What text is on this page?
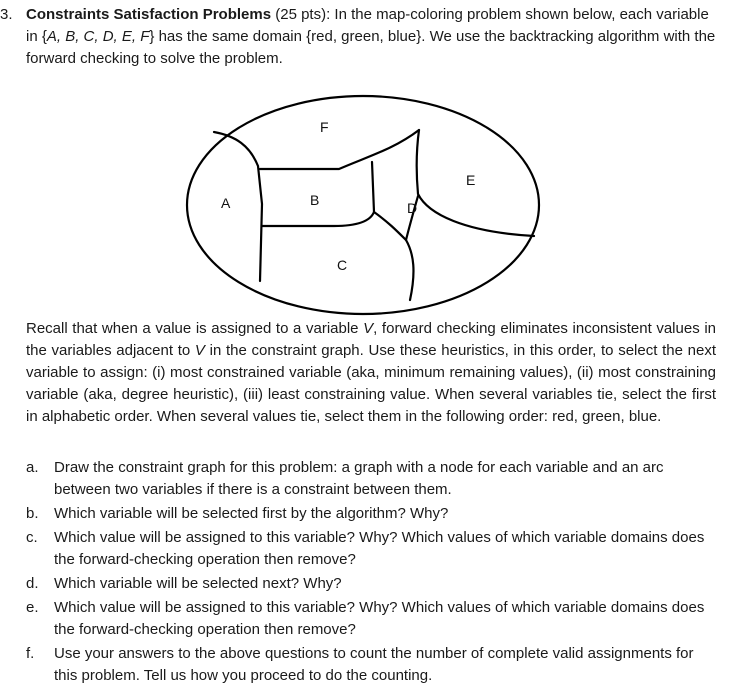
3. Constraints Satisfaction Problems (25 pts): In the map-coloring problem shown below, each variable in {A, B, C, D, E, F} has the same domain {red, green, blue}. We use the backtracking algorithm with the forward checking to solve the problem.
F
A	B
C
D
E
Recall that when a value is assigned to a variable V, forward checking eliminates inconsistent values in the variables adjacent to V in the constraint graph. Use these heuristics, in this order, to select the next variable to assign: (i) most constrained variable (aka, minimum remaining values), (ii) most constraining variable (aka, degree heuristic), (iii) least constraining value. When several variables tie, select the first in alphabetic order. When several values tie, select them in the following order: red, green, blue.
a. Draw the constraint graph for this problem: a graph with a node for each variable and an arc between two variables if there is a constraint between them.
b. Which variable will be selected first by the algorithm? Why?
c. Which value will be assigned to this variable? Why? Which values of which variable domains does the forward-checking operation then remove?
d. Which variable will be selected next? Why?
e. Which value will be assigned to this variable? Why? Which values of which variable domains does the forward-checking operation then remove?
f. Use your answers to the above questions to count the number of complete valid assignments for this problem. Tell us how you proceed to do the counting.
